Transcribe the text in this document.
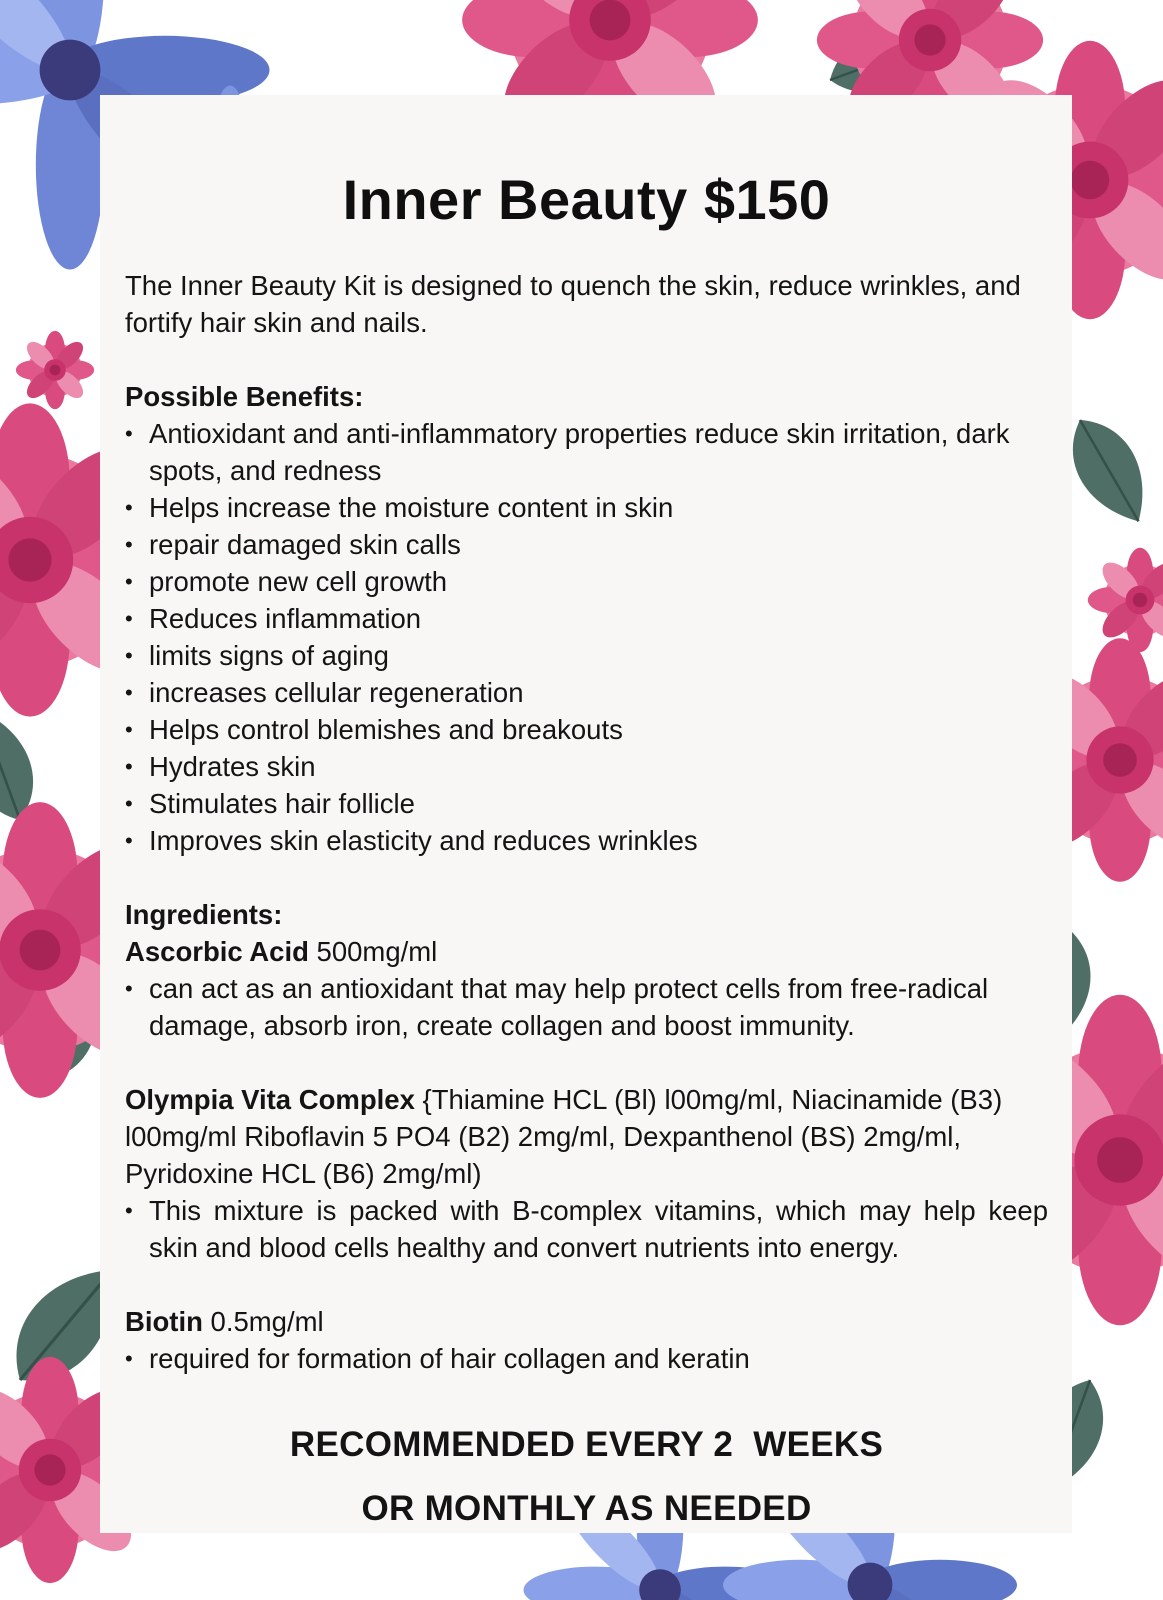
Inner Beauty $150

The Inner Beauty Kit is designed to quench the skin, reduce wrinkles, and fortify hair skin and nails.

Possible Benefits:
• Antioxidant and anti-inflammatory properties reduce skin irritation, dark spots, and redness
• Helps increase the moisture content in skin
• repair damaged skin calls
• promote new cell growth
• Reduces inflammation
• limits signs of aging
• increases cellular regeneration
• Helps control blemishes and breakouts
• Hydrates skin
• Stimulates hair follicle
• Improves skin elasticity and reduces wrinkles
Ingredients:
Ascorbic Acid 500mg/ml
• can act as an antioxidant that may help protect cells from free-radical damage, absorb iron, create collagen and boost immunity.
Olympia Vita Complex {Thiamine HCL (Bl) l00mg/ml, Niacinamide (B3) l00mg/ml Riboflavin 5 PO4 (B2) 2mg/ml, Dexpanthenol (BS) 2mg/ml, Pyridoxine HCL (B6) 2mg/ml)
• This mixture is packed with B-complex vitamins, which may help keep skin and blood cells healthy and convert nutrients into energy.
Biotin 0.5mg/ml
• required for formation of hair collagen and keratin
RECOMMENDED EVERY 2  WEEKS
OR MONTHLY AS NEEDED
